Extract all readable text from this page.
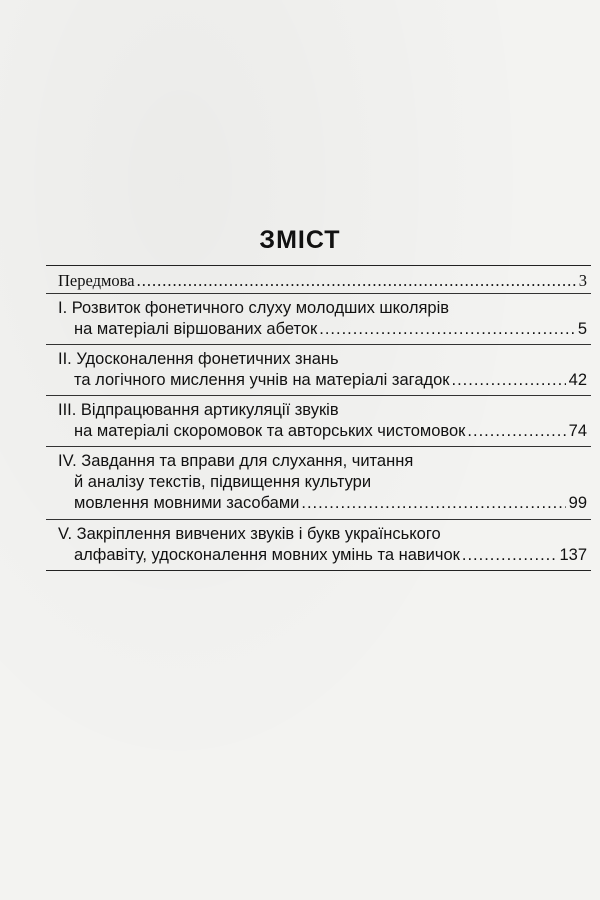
ЗМІСТ
Передмова .....	3
І. Розвиток фонетичного слуху молодших школярів
на матеріалі віршованих абеток .....	5
ІІ. Удосконалення фонетичних знань
та логічного мислення учнів на матеріалі загадок .....	42
ІІІ. Відпрацювання артикуляції звуків
на матеріалі скоромовок та авторських чистомовок .....	74
IV. Завдання та вправи для слухання, читання
й аналізу текстів, підвищення культури
мовлення мовними засобами .....	99
V. Закріплення вивчених звуків і букв українського
алфавіту, удосконалення мовних умінь та навичок .....	137
